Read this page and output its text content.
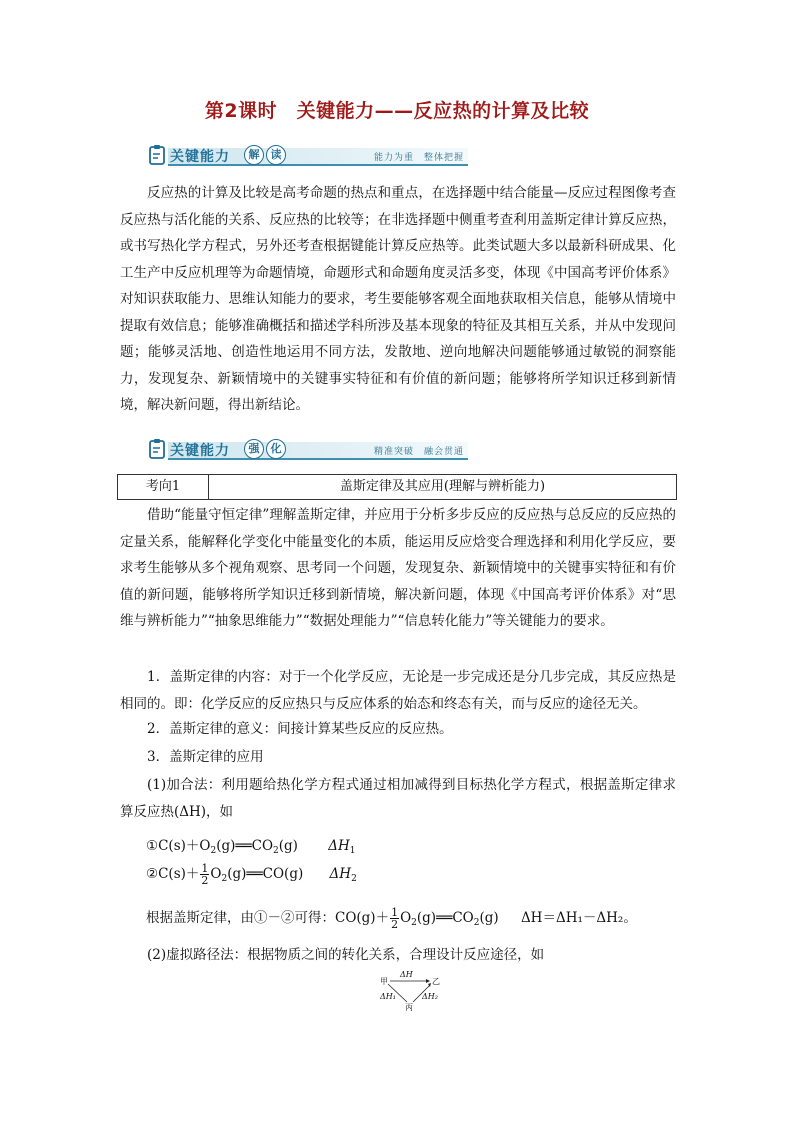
第2课时　关键能力——反应热的计算及比较
关键能力	解	读	能力为重　整体把握
反应热的计算及比较是高考命题的热点和重点，在选择题中结合能量—反应过程图像考查反应热与活化能的关系、反应热的比较等；在非选择题中侧重考查利用盖斯定律计算反应热，或书写热化学方程式，另外还考查根据键能计算反应热等。此类试题大多以最新科研成果、化工生产中反应机理等为命题情境，命题形式和命题角度灵活多变，体现《中国高考评价体系》对知识获取能力、思维认知能力的要求，考生要能够客观全面地获取相关信息，能够从情境中提取有效信息；能够准确概括和描述学科所涉及基本现象的特征及其相互关系，并从中发现问题；能够灵活地、创造性地运用不同方法，发散地、逆向地解决问题能够通过敏锐的洞察能力，发现复杂、新颖情境中的关键事实特征和有价值的新问题；能够将所学知识迁移到新情境，解决新问题，得出新结论。
关键能力	强	化	精准突破　融会贯通
考向1	盖斯定律及其应用(理解与辨析能力)
借助“能量守恒定律”理解盖斯定律，并应用于分析多步反应的反应热与总反应的反应热的定量关系，能解释化学变化中能量变化的本质，能运用反应焓变合理选择和利用化学反应，要求考生能够从多个视角观察、思考同一个问题，发现复杂、新颖情境中的关键事实特征和有价值的新问题，能够将所学知识迁移到新情境，解决新问题，体现《中国高考评价体系》对“思维与辨析能力”“抽象思维能力”“数据处理能力”“信息转化能力”等关键能力的要求。
1．盖斯定律的内容：对于一个化学反应，无论是一步完成还是分几步完成，其反应热是相同的。即：化学反应的反应热只与反应体系的始态和终态有关，而与反应的途径无关。
2．盖斯定律的意义：间接计算某些反应的反应热。
3．盖斯定律的应用
(1)加合法：利用题给热化学方程式通过相加减得到目标热化学方程式，根据盖斯定律求算反应热(ΔH)，如
$①C(s)+O_2(g)══CO_2(g)$ $\Delta H_1$
②C(s)＋ $\frac{1}{2}$ $O_2(g)══CO(g)$ $\Delta H_2$
根据盖斯定律，由①－②可得：$CO(g)+ \frac{1}{2}$ $O_2(g)══CO_2(g)$ ΔH＝ΔH₁－ΔH₂。
(2)虚拟路径法：根据物质之间的转化关系，合理设计反应途径，如
甲	乙
丙
ΔH
ΔH₁	ΔH₂
